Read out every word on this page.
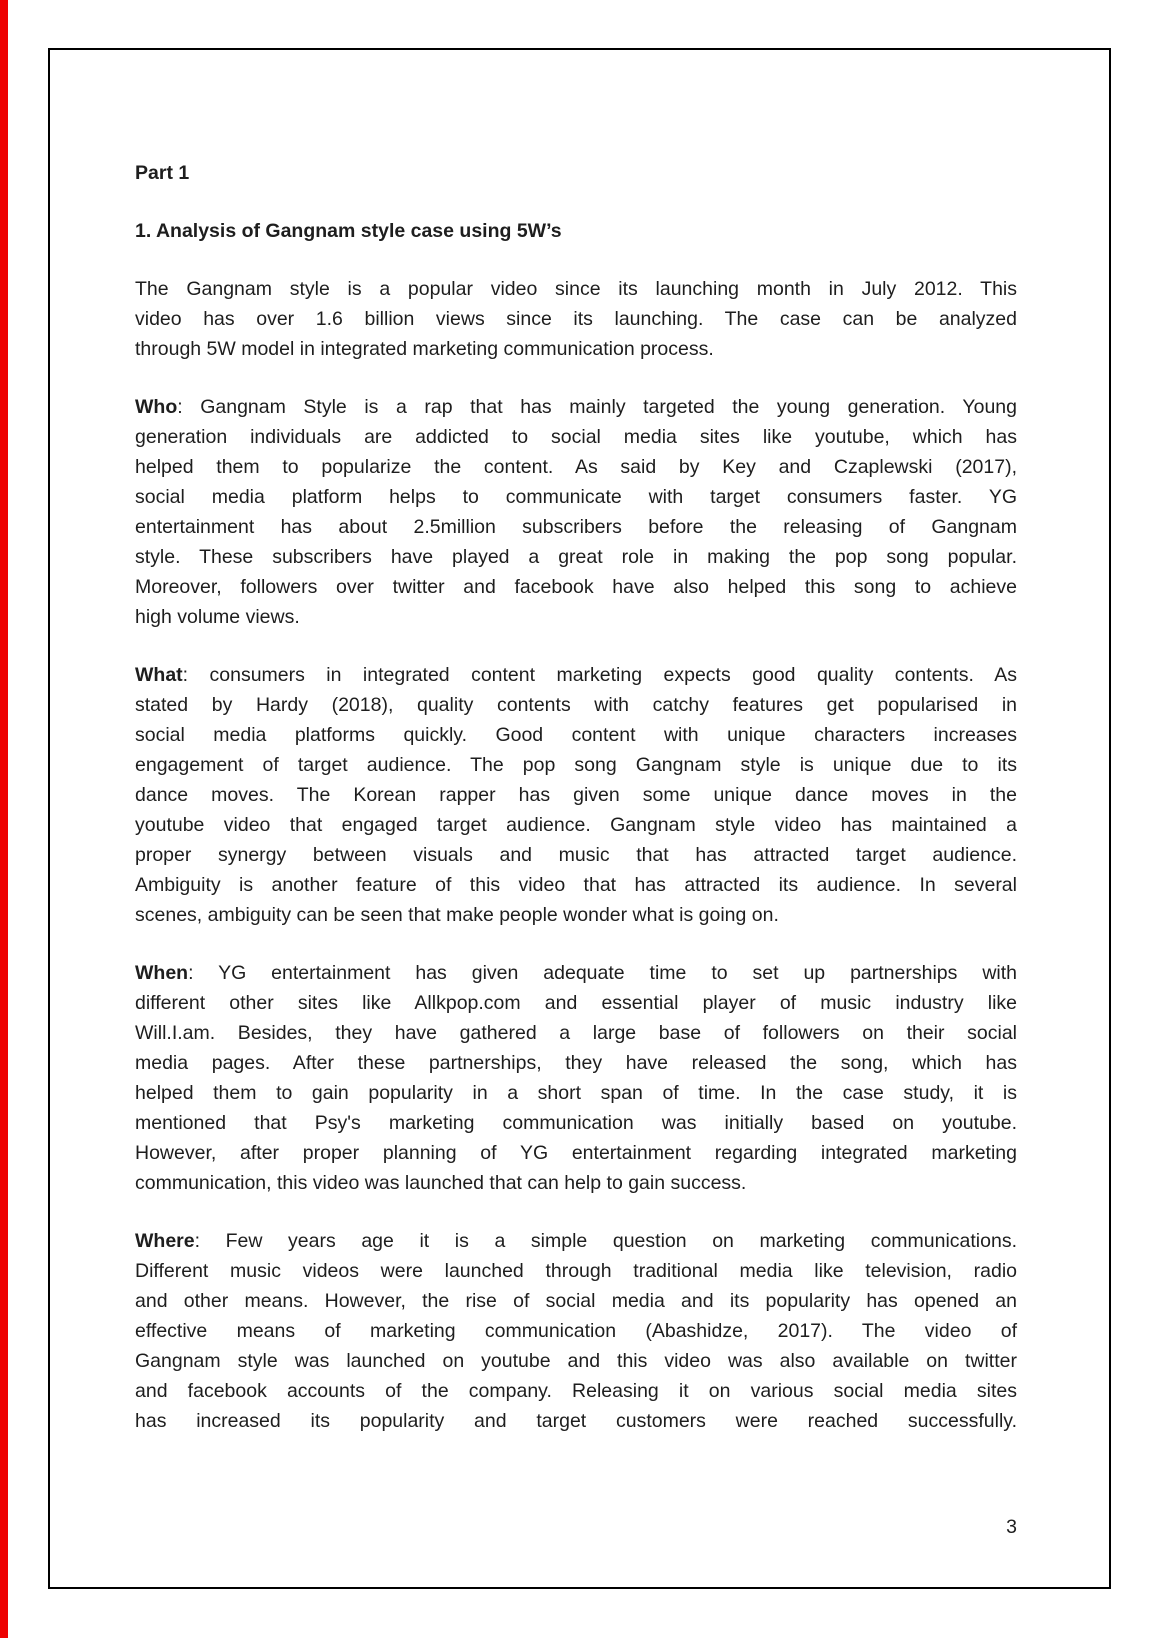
Part 1
1. Analysis of Gangnam style case using 5W’s
The Gangnam style is a popular video since its launching month in July 2012. This
video has over 1.6 billion views since its launching. The case can be analyzed
through 5W model in integrated marketing communication process.
Who: Gangnam Style is a rap that has mainly targeted the young generation. Young
generation individuals are addicted to social media sites like youtube, which has
helped them to popularize the content. As said by Key and Czaplewski (2017),
social media platform helps to communicate with target consumers faster. YG
entertainment has about 2.5million subscribers before the releasing of Gangnam
style. These subscribers have played a great role in making the pop song popular.
Moreover, followers over twitter and facebook have also helped this song to achieve
high volume views.
What: consumers in integrated content marketing expects good quality contents. As
stated by Hardy (2018), quality contents with catchy features get popularised in
social media platforms quickly. Good content with unique characters increases
engagement of target audience. The pop song Gangnam style is unique due to its
dance moves. The Korean rapper has given some unique dance moves in the
youtube video that engaged target audience. Gangnam style video has maintained a
proper synergy between visuals and music that has attracted target audience.
Ambiguity is another feature of this video that has attracted its audience. In several
scenes, ambiguity can be seen that make people wonder what is going on.
When: YG entertainment has given adequate time to set up partnerships with
different other sites like Allkpop.com and essential player of music industry like
Will.I.am. Besides, they have gathered a large base of followers on their social
media pages. After these partnerships, they have released the song, which has
helped them to gain popularity in a short span of time. In the case study, it is
mentioned that Psy's marketing communication was initially based on youtube.
However, after proper planning of YG entertainment regarding integrated marketing
communication, this video was launched that can help to gain success.
Where: Few years age it is a simple question on marketing communications.
Different music videos were launched through traditional media like television, radio
and other means. However, the rise of social media and its popularity has opened an
effective means of marketing communication (Abashidze, 2017). The video of
Gangnam style was launched on youtube and this video was also available on twitter
and facebook accounts of the company. Releasing it on various social media sites
has increased its popularity and target customers were reached successfully.
3
